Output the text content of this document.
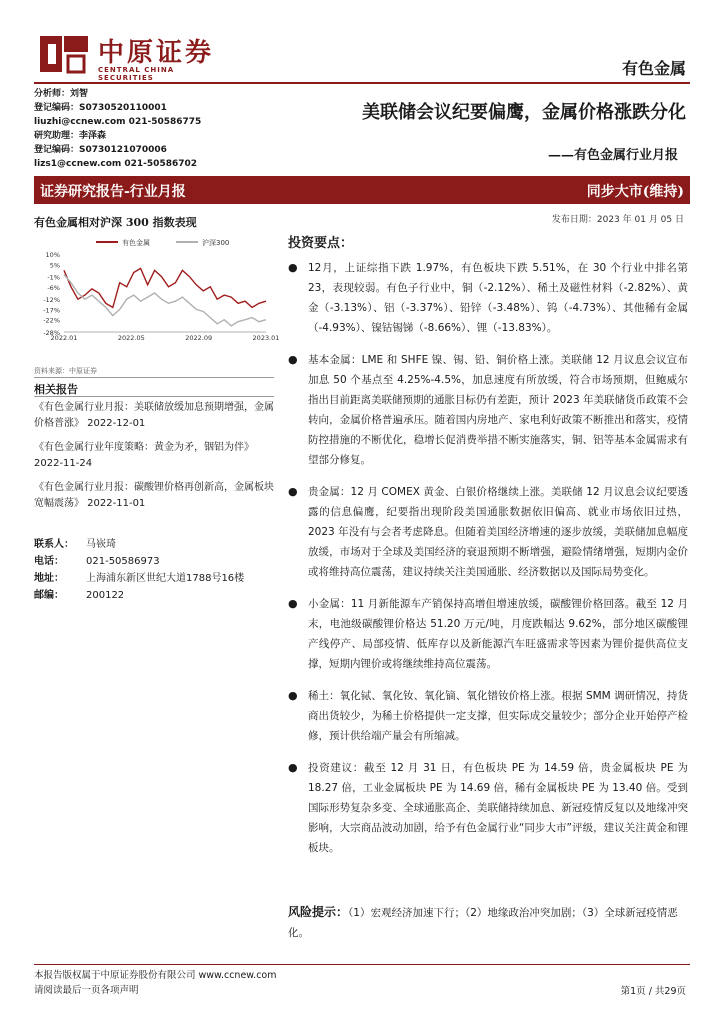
中原证券
CENTRAL CHINA SECURITIES	有色金属
分析师：刘智
登记编码：S0730520110001
liuzhi@ccnew.com 021-50586775
研究助理：李泽森
登记编码：S0730121070006
lizs1@ccnew.com 021-50586702
美联储会议纪要偏鹰，金属价格涨跌分化
——有色金属行业月报
证券研究报告-行业月报	同步大市(维持)
发布日期：2023 年 01 月 05 日
有色金属相对沪深 300 指数表现
10%
5%
-1%
-6%
-12%
-17%
-22%
-28%
2022.01	2022.05	2022.09	2023.01
有色金属	沪深300
资料来源：中原证券
相关报告
《有色金属行业月报：美联储放缓加息预期增强，金属价格普涨》 2022-12-01
《有色金属行业年度策略：黄金为矛，铟铝为伴》 2022-11-24
《有色金属行业月报：碳酸锂价格再创新高，金属板块宽幅震荡》 2022-11-01
联系人：	马嵚琦
电话：	021-50586973
地址：	上海浦东新区世纪大道1788号16楼
邮编：	200122
投资要点：
● 12月，上证综指下跌 1.97%，有色板块下跌 5.51%，在 30 个行业中排名第 23，表现较弱。有色子行业中，铜（-2.12%）、稀土及磁性材料（-2.82%）、黄金（-3.13%）、铝（-3.37%）、铅锌（-3.48%）、钨（-4.73%）、其他稀有金属（-4.93%）、镍钴锡锑（-8.66%）、锂（-13.83%）。
● 基本金属：LME 和 SHFE 镍、锡、铅、铜价格上涨。美联储 12 月议息会议宣布加息 50 个基点至 4.25%-4.5%，加息速度有所放缓，符合市场预期，但鲍威尔指出目前距离美联储预期的通胀目标仍有差距，预计 2023 年美联储货币政策不会转向，金属价格普遍承压。随着国内房地产、家电利好政策不断推出和落实，疫情防控措施的不断优化，稳增长促消费举措不断实施落实，铜、铝等基本金属需求有望部分修复。
● 贵金属：12 月 COMEX 黄金、白银价格继续上涨。美联储 12 月议息会议纪要透露的信息偏鹰，纪要指出现阶段美国通胀数据依旧偏高、就业市场依旧过热，2023 年没有与会者考虑降息。但随着美国经济增速的逐步放缓，美联储加息幅度放缓，市场对于全球及美国经济的衰退预期不断增强，避险情绪增强，短期内金价或将维持高位震荡，建议持续关注美国通胀、经济数据以及国际局势变化。
● 小金属：11 月新能源车产销保持高增但增速放缓，碳酸锂价格回落。截至 12 月末，电池级碳酸锂价格达 51.20 万元/吨，月度跌幅达 9.62%，部分地区碳酸锂产线停产、局部疫情、低库存以及新能源汽车旺盛需求等因素为锂价提供高位支撑，短期内锂价或将继续维持高位震荡。
● 稀土：氧化铽、氧化钕、氧化镝、氧化镨钕价格上涨。根据 SMM 调研情况，持货商出货较少，为稀土价格提供一定支撑，但实际成交量较少；部分企业开始停产检修，预计供给端产量会有所缩减。
● 投资建议：截至 12 月 31 日，有色板块 PE 为 14.59 倍，贵金属板块 PE 为 18.27 倍，工业金属板块 PE 为 14.69 倍，稀有金属板块 PE 为 13.40 倍。受到国际形势复杂多变、全球通胀高企、美联储持续加息、新冠疫情反复以及地缘冲突影响，大宗商品波动加剧，给予有色金属行业“同步大市”评级，建议关注黄金和锂板块。
风险提示：（1）宏观经济加速下行；（2）地缘政治冲突加剧；（3）全球新冠疫情恶化。
本报告版权属于中原证券股份有限公司 www.ccnew.com
请阅读最后一页各项声明	第1页 / 共29页
